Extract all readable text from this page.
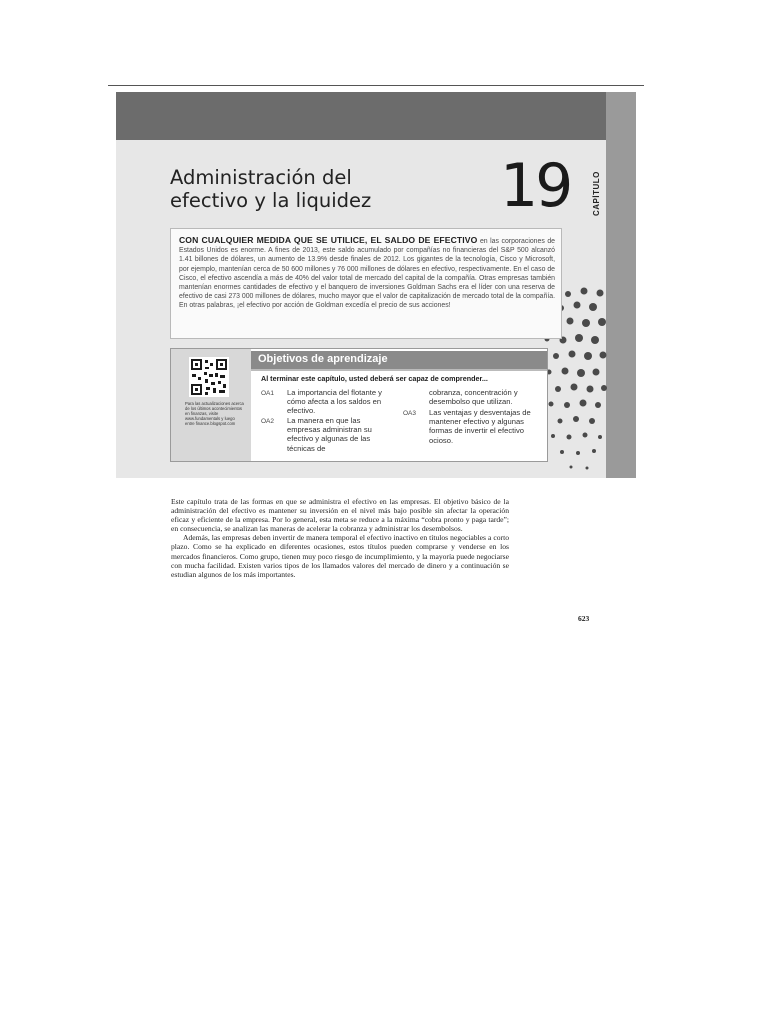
Administración del
efectivo y la liquidez	19	CAPÍTULO
CON CUALQUIER MEDIDA QUE SE UTILICE, EL SALDO DE EFECTIVO en las corporaciones de Estados Unidos es enorme. A fines de 2013, este saldo acumulado por compañías no financieras del S&P 500 alcanzó 1.41 billones de dólares, un aumento de 13.9% desde finales de 2012. Los gigantes de la tecnología, Cisco y Microsoft, por ejemplo, mantenían cerca de 50 600 millones y 76 000 millones de dólares en efectivo, respectivamente. En el caso de Cisco, el efectivo ascendía a más de 40% del valor total de mercado del capital de la compañía. Otras empresas también mantenían enormes cantidades de efectivo y el banquero de inversiones Goldman Sachs era el líder con una reserva de efectivo de casi 273 000 millones de dólares, mucho mayor que el valor de capitalización de mercado total de la compañía. En otras palabras, ¡el efectivo por acción de Goldman excedía el precio de sus acciones!
Para las actualizaciones acerca de los últimos acontecimientos en finanzas, visite www.fundamentals y luego entre finance.blogspot.com
Objetivos de aprendizaje
Al terminar este capítulo, usted deberá ser capaz de comprender...
OA1 La importancia del flotante y cómo afecta a los saldos en efectivo.
OA2 La manera en que las empresas administran su efectivo y algunas de las técnicas de
cobranza, concentración y desembolso que utilizan.
OA3 Las ventajas y desventajas de mantener efectivo y algunas formas de invertir el efectivo ocioso.

Este capítulo trata de las formas en que se administra el efectivo en las empresas. El objetivo básico de la administración del efectivo es mantener su inversión en el nivel más bajo posible sin afectar la operación eficaz y eficiente de la empresa. Por lo general, esta meta se reduce a la máxima “cobra pronto y paga tarde”; en consecuencia, se analizan las maneras de acelerar la cobranza y administrar los desembolsos.

Además, las empresas deben invertir de manera temporal el efectivo inactivo en títulos negociables a corto plazo. Como se ha explicado en diferentes ocasiones, estos títulos pueden comprarse y venderse en los mercados financieros. Como grupo, tienen muy poco riesgo de incumplimiento, y la mayoría puede negociarse con mucha facilidad. Existen varios tipos de los llamados valores del mercado de dinero y a continuación se estudian algunos de los más importantes.

623
